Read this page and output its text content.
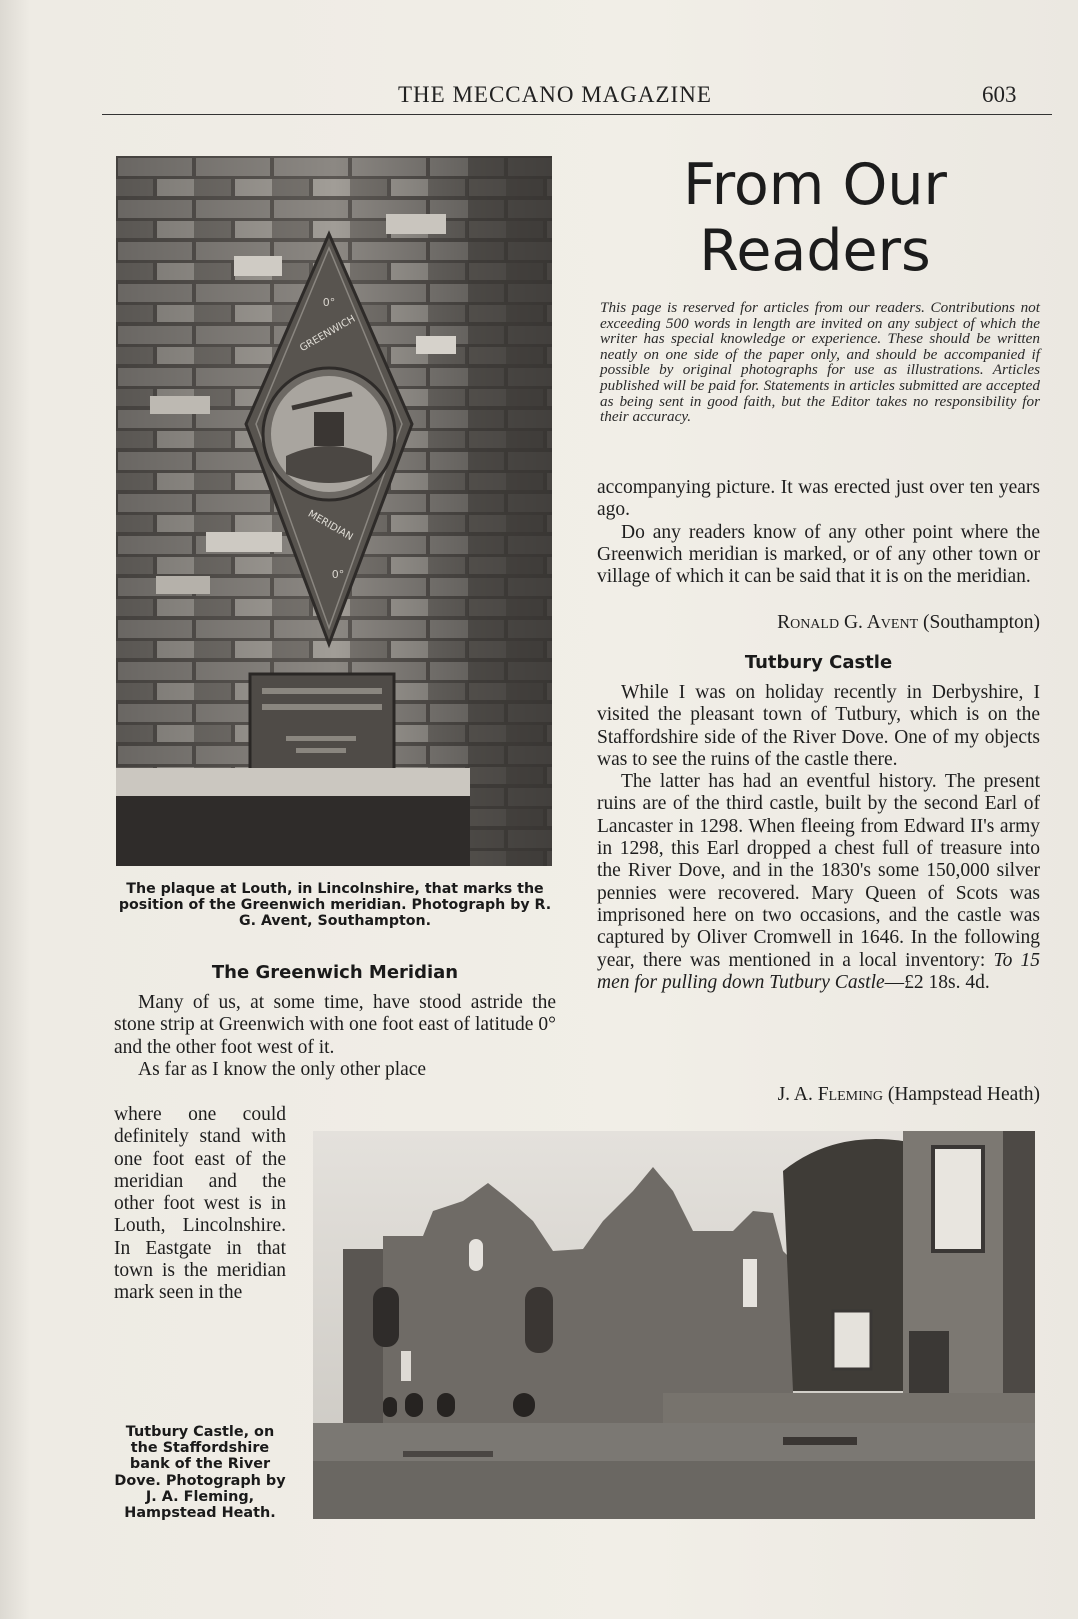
THE MECCANO MAGAZINE	603
GREENWICH
MERIDIAN
0°
0°
The plaque at Louth, in Lincolnshire, that marks the position of the Greenwich meridian. Photograph by R. G. Avent, Southampton.
The Greenwich Meridian

Many of us, at some time, have stood astride the stone strip at Greenwich with one foot east of latitude 0° and the other foot west of it.

As far as I know the only other place

where one could definitely stand with one foot east of the meridian and the other foot west is in Louth, Lincolnshire. In Eastgate in that town is the meridian mark seen in the

Tutbury Castle, on the Staffordshire bank of the River Dove. Photograph by J. A. Fleming, Hampstead Heath.
From Our
Readers
This page is reserved for articles from our readers. Contributions not exceeding 500 words in length are invited on any subject of which the writer has special knowledge or experience. These should be written neatly on one side of the paper only, and should be accompanied if possible by original photographs for use as illustrations. Articles published will be paid for. Statements in articles submitted are accepted as being sent in good faith, but the Editor takes no responsibility for their accuracy.

accompanying picture. It was erected just over ten years ago.

Do any readers know of any other point where the Greenwich meridian is marked, or of any other town or village of which it can be said that it is on the meridian.

Ronald G. Avent (Southampton)
Tutbury Castle

While I was on holiday recently in Derbyshire, I visited the pleasant town of Tutbury, which is on the Staffordshire side of the River Dove. One of my objects was to see the ruins of the castle there.

The latter has had an eventful history. The present ruins are of the third castle, built by the second Earl of Lancaster in 1298. When fleeing from Edward II's army in 1298, this Earl dropped a chest full of treasure into the River Dove, and in the 1830's some 150,000 silver pennies were recovered. Mary Queen of Scots was imprisoned here on two occasions, and the castle was captured by Oliver Cromwell in 1646. In the following year, there was mentioned in a local inventory: To 15 men for pulling down Tutbury Castle—£2 18s. 4d.

J. A. Fleming (Hampstead Heath)
